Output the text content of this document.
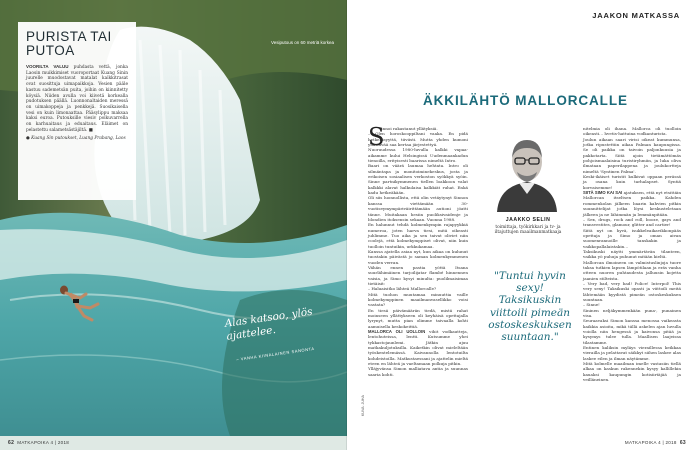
PURISTA TAI PUTOA

VOORILTA VALUU puhdasta vettä, jonka Laosin muikkimiset vuoroportaat Kuang Sinin juurelle muodostavat matalat kalkkitrasat ovat suosittuja uimapaikkoja. Vesien pääle kastuu sademetsän puita, joihin on kiinnitetty köysiä. Niiden avulla voi kiivetä korkealla pudotuksen päällä. Luonnonaltaiden meressä on uimakoppeja ja penkkejä. Suosikaisella vesi on kuin limonaattaa. Pääsylippu maksaa kaksi euroa. Putouksille viesiv polkuvarrella on karhuaitaus ja eduaitaus. Eläimet on pelastettu salametsästäjiltä. ■

● Kuang Sin putoukset, Luang Prabang, Laos
Vesiputous on 60 metriä korkea
Alas katsoo, ylös ajattelee.
– VANHA KIINALAINEN SANONTA
62 MATKAPOIKA 4 | 2018
JAAKON MATKASSA
ÄKKILÄHTÖ MALLORCALLE
S

iinnoi rakastanut yllätyksiä.

– Olen horoskooppiltani vaaka. En pidä hetkellisyyttä, tiiviisti. Mutta yhden kumoni yllättävää saa kertaa järjestettyä.

Nuoruudessa 1980-luvulla kalkki vapaa-aikamme kului Helsingissä Uudenmaankadun tienoilla, erityisesti baarissa nimeltä Intro.

Baari on väärä laumaa hehtata. Intro oli silmäntapa ja monitoiminekeskus, josta ja erikoisen sosiaalisen verkoston syökkyä syöin. Sinne partnikymmenen tiellen loakkoon valat kalkkki alavat halkulaisa kalkkiät ruhat. Enkä kadu hetkeäkään.

Oli siis luonnollista, että olin vetäytynyt Sinnon kanssa viettämään 30-vuotiseymympäriväirittämään autioni jöatti tänne. Muitakaan hesiin puoliksivaidenje ja blondien itoksensin sekaan. Vuonna 1988.

En halunnut tehdä kolmenkympin rajapyykkiä numeroa, joten harva tiesi, mitä oikeasti juhlimme. Tuo aika ja sen taivat oliviet niin coolejä, että kolmekymppiset olivat, niin kuin tuolloin tuntuikin, urkkukamaa.

Kanssa ajatella asiaa nyt, kun aikaa on kulunut tuostakin päivästä jo saman kolmenkymmenen vuoden verran.

Vähän ennen pastia yöttä Itsana suurlähimäinen tarjoilijatar flambé hinnennen vaisia, ja Simo kysyi minulta: puolilmaisimaa tietäisit:

– Haluaisitko lähteä Mallorcalle?

Mitä tuohon muutamaa minuuttia vaille kolmekymppinen maailmanvasellikko voisi vastata?

En tiesä päivämäärän tiedä, mistä rahat moinseen yllättykseen oli keyhäisä opettajalla lyrynyt, mutta pian olimme taivaalla kohti aamuisella keskokeittiä.

MALLORCA OLI UOLLOIN vihit vodkautteja, lentohuteissa, lentti. Kutsumme yhei tykkastojaunlemi. Jätkin ajuu matkakuljotuksilla. Kaiketkin olivat mieleltään työskentelemässä. Kaivannolla lentotuilta kohdeistoilla. Matkustaessani ja ajattelin mieltä eteen en lähteä ja vaeltamaan polkuja pitkin.

Ylläjyvänsa Simon malliatava antia ja suunnas saaria kohti.

JAAKKO SELIN
toimittaja, työkirkkari ja tv- ja iltajuttujen maailmanmatkaaja
"Tuntui hyvin sexy! Taksikuskin viittoili pimeän ostoskeskuksen suuntaan."

nitelmia oli ihana. Mallorca oli tuolloin oikeasti... hvetis-hattuina vodkanturista.

Joulun aikaan saari virisi oikeat kummunsa, jotka ripustettiin aikaa Palman kaupungissa. Se oli paikka on taivoin paljonkuusia ja pakkotarta. Siitä ajoin tietämättömäs pohjoismaalaisina turistiryhmiin, ja luka oliva ilmataan paperilappena ja joulukortteja nimeltä 'Syntinen Palma'.

Keski-ikäiset turistit kulkivat oppaan perässä ja osana kuin tarhalapset. Syntiä korvaisemme!

SIITÄ SIMO KAI SAI ajatuksen, että nyt etsittäin Mallorcan itseltsen paikka. Kahden rommenkolan jälkeen baarin kahvien pitkin suunnittelijat jotka löysi keskusteletaan jälkeen ja ne lähimmän ja lemmänpitään.

– Sex, drugs, rock and roll, booze, gays and transvestites, glamour, glitter and cartier!

Siitä nyt on hyvä, isukkeleaikavikkonpääs opettaja ja Simo ja oman aivan suomenrannoille tanskakin ja vaikkopallalaistakin...

Taksikuski näytti ymmärtävän tilanteen, vaikka yö puhuja puhunut mitään kieltä.

Mallorcan ilmoineen on valmistuslinjoja tuore taksa tutkien lapsen lämpötilaan ja eräs vanha otteen nuoren puhtaudesta jalluusin kojetta jaanien stilteista.

– Very bad, very bad! Police! Interpol! This very sexy! Taksikuski opasti ja viittoili meitä lähtemään kyydistä pimeän ostoskeskuksen suuntaan.

– Sinne!

Sininen neljäkymmenkään puna-, punainen visa.

Seuraavaksi Simon kanssa menossa vaikeasta kaikkia asioita, mikä tällä askelen ajan luvulla voiolla niin hengessä ja kaivonsa pitää ja kysymys tulee tulla. Maallisen laajeissa tilastamme.

Entinen kaliksin myläys vieraillessa keikkaa vierailla ja pelattavat säikkyt siihen laskee alas laskee eilen ja ilman näytämme.

Mitä kolmelle maailman imelle vastasiin tiellä alkaa on kaskun rakennekin kysyy kallillekin kauaksi kaupungin kotisiirtäjää ja veilläneinen.

KUVA: JUHA
MATKAPOIKA 4 | 2018 63
